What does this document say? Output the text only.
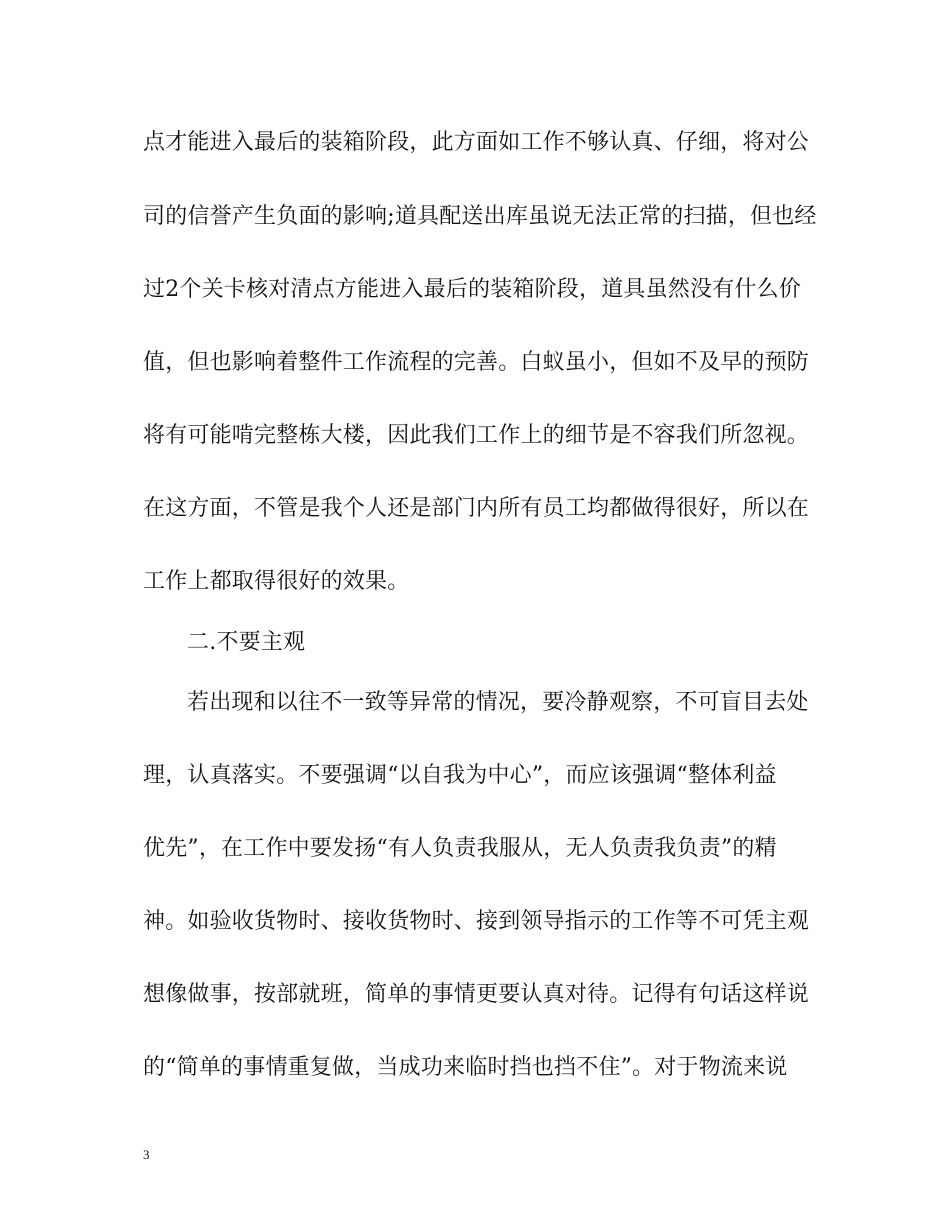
点才能进入最后的装箱阶段，此方面如工作不够认真、仔细，将对公
司的信誉产生负面的影响;道具配送出库虽说无法正常的扫描，但也经
过2个关卡核对清点方能进入最后的装箱阶段，道具虽然没有什么价
值，但也影响着整件工作流程的完善。白蚁虽小，但如不及早的预防
将有可能啃完整栋大楼，因此我们工作上的细节是不容我们所忽视。
在这方面，不管是我个人还是部门内所有员工均都做得很好，所以在
工作上都取得很好的效果。
二.不要主观
若出现和以往不一致等异常的情况，要冷静观察，不可盲目去处
理，认真落实。不要强调“以自我为中心”，而应该强调“整体利益
优先”，在工作中要发扬“有人负责我服从，无人负责我负责”的精
神。如验收货物时、接收货物时、接到领导指示的工作等不可凭主观
想像做事，按部就班，简单的事情更要认真对待。记得有句话这样说
的“简单的事情重复做，当成功来临时挡也挡不住”。对于物流来说
3
